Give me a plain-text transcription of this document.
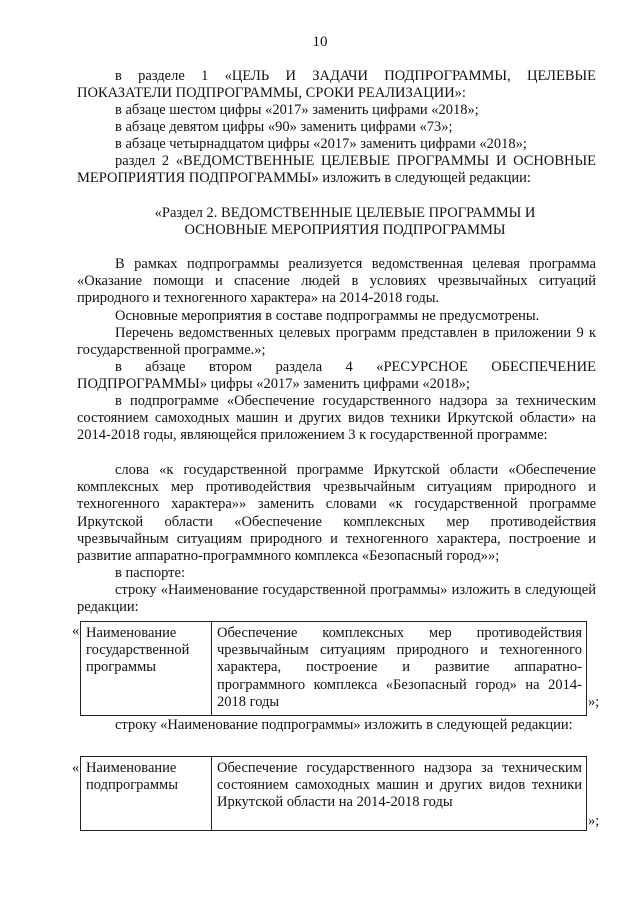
10
в разделе 1 «ЦЕЛЬ И ЗАДАЧИ ПОДПРОГРАММЫ, ЦЕЛЕВЫЕ ПОКАЗАТЕЛИ ПОДПРОГРАММЫ, СРОКИ РЕАЛИЗАЦИИ»:
в абзаце шестом цифры «2017» заменить цифрами «2018»;
в абзаце девятом цифры «90» заменить цифрами «73»;
в абзаце четырнадцатом цифры «2017» заменить цифрами «2018»;
раздел 2 «ВЕДОМСТВЕННЫЕ ЦЕЛЕВЫЕ ПРОГРАММЫ И ОСНОВНЫЕ МЕРОПРИЯТИЯ ПОДПРОГРАММЫ» изложить в следующей редакции:
«Раздел 2. ВЕДОМСТВЕННЫЕ ЦЕЛЕВЫЕ ПРОГРАММЫ И ОСНОВНЫЕ МЕРОПРИЯТИЯ ПОДПРОГРАММЫ
В рамках подпрограммы реализуется ведомственная целевая программа «Оказание помощи и спасение людей в условиях чрезвычайных ситуаций природного и техногенного характера» на 2014-2018 годы.
Основные мероприятия в составе подпрограммы не предусмотрены.
Перечень ведомственных целевых программ представлен в приложении 9 к государственной программе.»;
в абзаце втором раздела 4 «РЕСУРСНОЕ ОБЕСПЕЧЕНИЕ ПОДПРОГРАММЫ» цифры «2017» заменить цифрами «2018»;
в подпрограмме «Обеспечение государственного надзора за техническим состоянием самоходных машин и других видов техники Иркутской области» на 2014-2018 годы, являющейся приложением 3 к государственной программе:
слова «к государственной программе Иркутской области «Обеспечение комплексных мер противодействия чрезвычайным ситуациям природного и техногенного характера»» заменить словами «к государственной программе Иркутской области «Обеспечение комплексных мер противодействия чрезвычайным ситуациям природного и техногенного характера, построение и развитие аппаратно-программного комплекса «Безопасный город»»;
в паспорте:
строку «Наименование государственной программы» изложить в следующей редакции:
« Наименование государственной программы	Обеспечение комплексных мер противодействия чрезвычайным ситуациям природного и техногенного характера, построение и развитие аппаратно-программного комплекса «Безопасный город» на 2014-2018 годы	»;
строку «Наименование подпрограммы» изложить в следующей редакции:
« Наименование подпрограммы	Обеспечение государственного надзора за техническим состоянием самоходных машин и других видов техники Иркутской области на 2014-2018 годы
»;
